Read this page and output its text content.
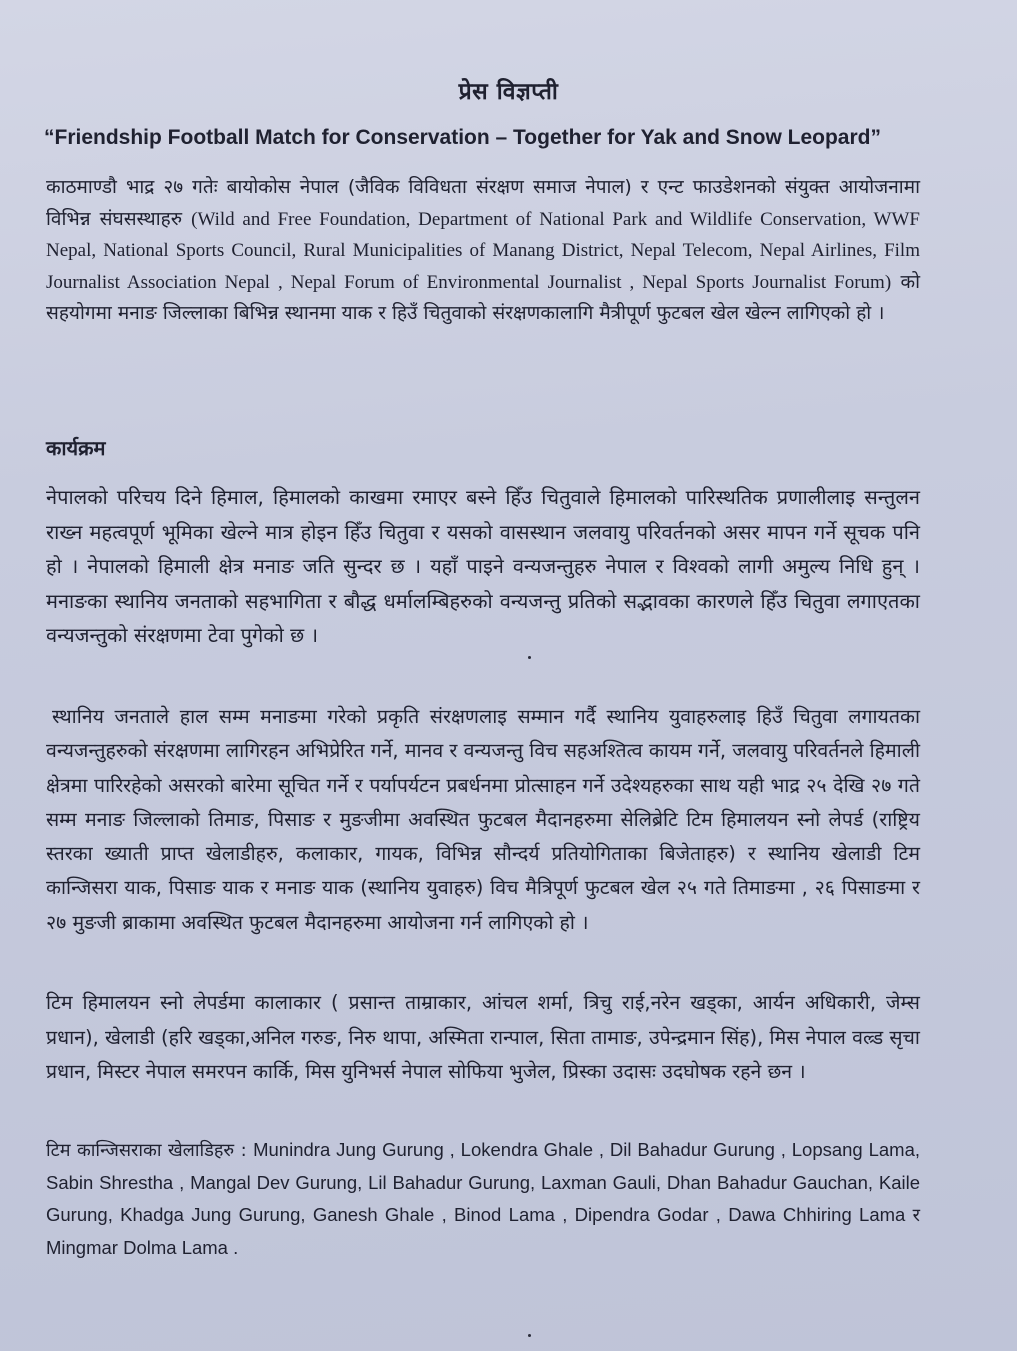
प्रेस विज्ञप्ती
“Friendship Football Match for Conservation – Together for Yak and Snow Leopard”
काठमाण्डौ भाद्र २७ गतेः बायोकोस नेपाल (जैविक विविधता संरक्षण समाज नेपाल) र एन्ट फाउडेशनको संयुक्त आयोजनामा विभिन्न संघसस्थाहरु (Wild and Free Foundation, Department of National Park and Wildlife Conservation, WWF Nepal, National Sports Council, Rural Municipalities of Manang District, Nepal Telecom, Nepal Airlines, Film Journalist Association Nepal , Nepal Forum of Environmental Journalist , Nepal Sports Journalist Forum) को सहयोगमा मनाङ जिल्लाका बिभिन्न स्थानमा याक र हिउँ चितुवाको संरक्षणकालागि मैत्रीपूर्ण फुटबल खेल खेल्न लागिएको हो ।
कार्यक्रम
नेपालको परिचय दिने हिमाल, हिमालको काखमा रमाएर बस्ने हिँउ चितुवाले हिमालको पारिस्थतिक प्रणालीलाइ सन्तुलन राख्न महत्वपूर्ण भूमिका खेल्ने मात्र होइन हिँउ चितुवा र यसको वासस्थान जलवायु परिवर्तनको असर मापन गर्ने सूचक पनि हो । नेपालको हिमाली क्षेत्र मनाङ जति सुन्दर छ । यहाँ पाइने वन्यजन्तुहरु नेपाल र विश्वको लागी अमुल्य निधि हुन् । मनाङका स्थानिय जनताको सहभागिता र बौद्ध धर्मालम्बिहरुको वन्यजन्तु प्रतिको सद्भावका कारणले हिँउ चितुवा लगाएतका वन्यजन्तुको संरक्षणमा टेवा पुगेको छ ।
स्थानिय जनताले हाल सम्म मनाङमा गरेको प्रकृति संरक्षणलाइ सम्मान गर्दै स्थानिय युवाहरुलाइ हिउँ चितुवा लगायतका वन्यजन्तुहरुको संरक्षणमा लागिरहन अभिप्रेरित गर्ने, मानव र वन्यजन्तु विच सहअश्तित्व कायम गर्ने, जलवायु परिवर्तनले हिमाली क्षेत्रमा पारिरहेको असरको बारेमा सूचित गर्ने र पर्यापर्यटन प्रबर्धनमा प्रोत्साहन गर्ने उदेश्यहरुका साथ यही भाद्र २५ देखि २७ गते सम्म मनाङ जिल्लाको तिमाङ, पिसाङ र मुङजीमा अवस्थित फुटबल मैदानहरुमा सेलिब्रेटि टिम हिमालयन स्नो लेपर्ड (राष्ट्रिय स्तरका ख्याती प्राप्त खेलाडीहरु, कलाकार, गायक, विभिन्न सौन्दर्य प्रतियोगिताका बिजेताहरु) र स्थानिय खेलाडी टिम कान्जिसरा याक, पिसाङ याक र मनाङ याक (स्थानिय युवाहरु) विच मैत्रिपूर्ण फुटबल खेल २५ गते तिमाङमा , २६ पिसाङमा र २७ मुङजी ब्राकामा अवस्थित फुटबल मैदानहरुमा आयोजना गर्न लागिएको हो ।
टिम हिमालयन स्नो लेपर्डमा कालाकार ( प्रसान्त ताम्राकार, आंचल शर्मा, त्रिचु राई,नरेन खड्का, आर्यन अधिकारी, जेम्स प्रधान), खेलाडी (हरि खड्का,अनिल गरुङ, निरु थापा, अस्मिता रान्पाल, सिता तामाङ, उपेन्द्रमान सिंह), मिस नेपाल वल्र्ड सृचा प्रधान, मिस्टर नेपाल समरपन कार्कि, मिस युनिभर्स नेपाल सोफिया भुजेल, प्रिस्का उदासः उदघोषक रहने छन ।
टिम कान्जिसराका खेलाडिहरु : Munindra Jung Gurung , Lokendra Ghale , Dil Bahadur Gurung , Lopsang Lama, Sabin Shrestha , Mangal Dev Gurung, Lil Bahadur Gurung, Laxman Gauli, Dhan Bahadur Gauchan, Kaile Gurung, Khadga Jung Gurung, Ganesh Ghale , Binod Lama , Dipendra Godar , Dawa Chhiring Lama र Mingmar Dolma Lama .
